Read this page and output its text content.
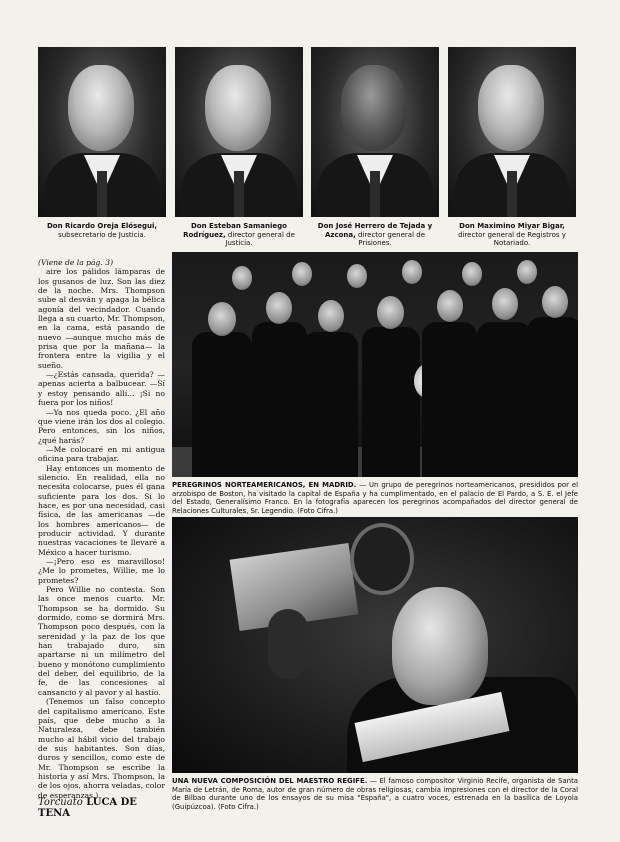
Don Ricardo Oreja Elósegui, subsecretario de Justicia.
Don Esteban Samaniego Rodríguez, director general de Justicia.
Don José Herrero de Tejada y Azcona, director general de Prisiones.
Don Maximino Miyar Bigar, director general de Registros y Notariado.

(Viene de la pág. 3)

aire los pálidos lámparas de los gusanos de luz. Son las diez de la noche. Mrs. Thompson sube al desván y apaga la bélica agonía del vecindador. Cuando llega a su cuarto, Mr. Thompson, en la cama, está pasando de nuevo —aunque mucho más de prisa que por la mañana— la frontera entre la vigilia y el sueño.

—¿Estás cansada, querida? —apenas acierta a balbucear. —Sí y estoy pensando allí... ¡Si no fuera por los niños!

—Ya nos queda poco. ¿El año que viene irán los dos al colegio. Pero entonces, sin los niños, ¿qué harás?

—Me colocaré en mi antigua oficina para trabajar.

Hay entonces un momento de silencio. En realidad, ella no necesita colocarse, pues él gana suficiente para los dos. Si lo hace, es por una necesidad, casi física, de las americanas —de los hombres americanos— de producir actividad. Y durante nuestras vacaciones te llevaré a México a hacer turismo.

—¡Pero eso es maravilloso! ¿Me lo prometes, Willie, me lo prometes?

Pero Willie no contesta. Son las once menos cuarto. Mr. Thompson se ha dormido. Su dormido, como se dormirá Mrs. Thompson poco después, con la serenidad y la paz de los que han trabajado duro, sin apartarse ni un milímetro del bueno y monótono cumplimiento del deber, del equilibrio, de la fe, de las concesiones al cansancio y al pavor y al hastío.

(Tenemos un falso concepto del capitalismo americano. Este país, que debe mucho a la Naturaleza, debe también mucho al hábil vicio del trabajo de sus habitantes. Son días, duros y sencillos, como este de Mr. Thompson se escribe la historia y así Mrs. Thompson, la de los ojos, ahorra veladas, color de esperanzas.)

Torcuato LUCA DE TENA
PEREGRINOS NORTEAMERICANOS, EN MADRID. — Un grupo de peregrinos norteamericanos, presididos por el arzobispo de Boston, ha visitado la capital de España y ha cumplimentado, en el palacio de El Pardo, a S. E. el Jefe del Estado, Generalísimo Franco. En la fotografía aparecen los peregrinos acompañados del director general de Relaciones Culturales, Sr. Legendio. (Foto Cifra.)
UNA NUEVA COMPOSICIÓN DEL MAESTRO REGIFE. — El famoso compositor Virginio Recife, organista de Santa María de Letrán, de Roma, autor de gran número de obras religiosas, cambia impresiones con el director de la Coral de Bilbao durante uno de los ensayos de su misa "España", a cuatro voces, estrenada en la basílica de Loyola (Guipúzcoa). (Foto Cifra.)
